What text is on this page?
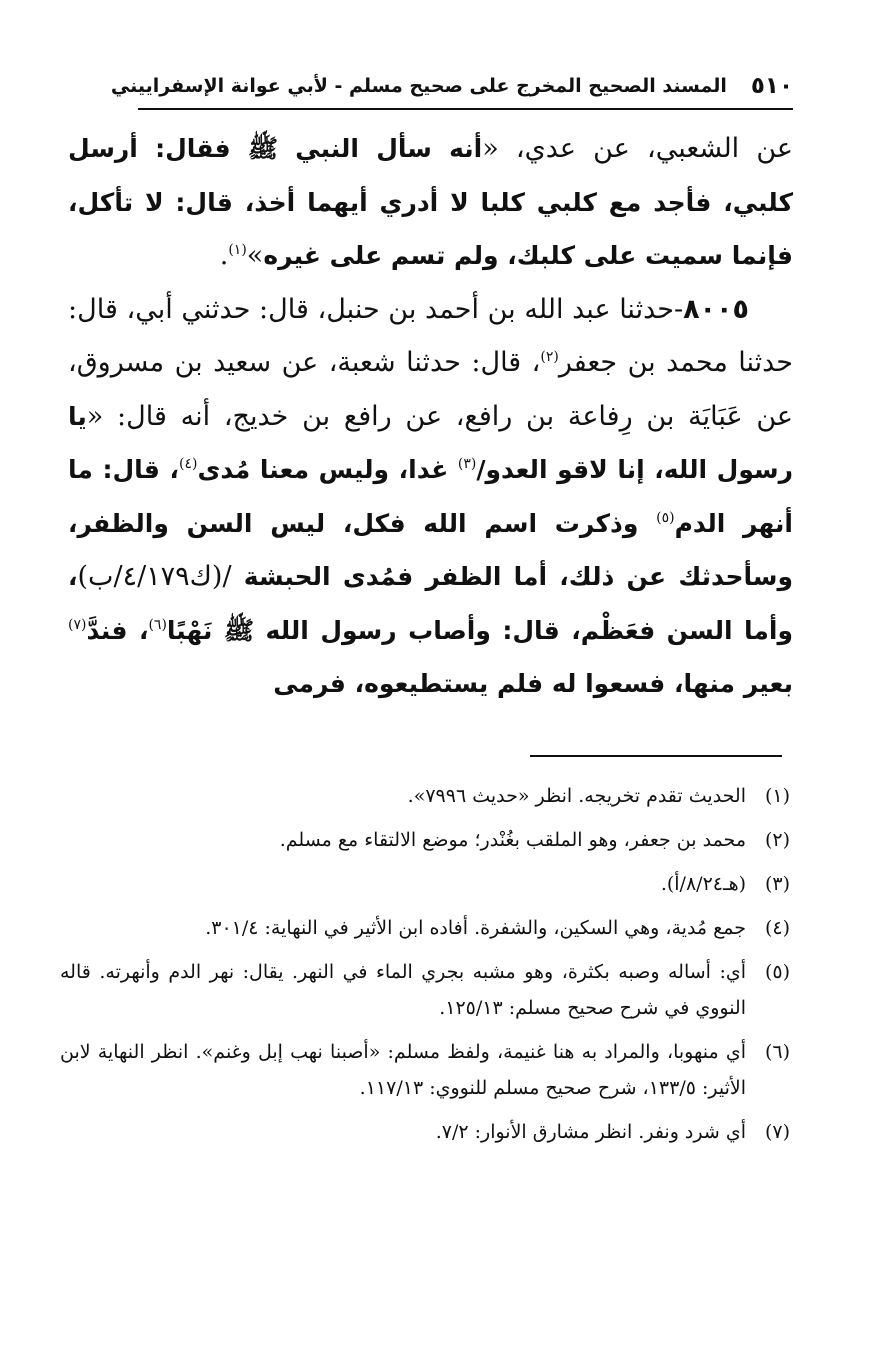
٥١٠
المسند الصحيح المخرج على صحيح مسلم - لأبي عوانة الإسفراييني

عن الشعبي، عن عدي، «أنه سأل النبي ﷺ فقال: أرسل كلبي، فأجد مع كلبي كلبا لا أدري أيهما أخذ، قال: لا تأكل، فإنما سميت على كلبك، ولم تسم على غيره»$^{(١)}$.

٨٠٠٥-حدثنا عبد الله بن أحمد بن حنبل، قال: حدثني أبي، قال: حدثنا محمد بن جعفر$^{(٢)}$، قال: حدثنا شعبة، عن سعيد بن مسروق، عن عَبَايَة بن رِفاعة بن رافع، عن رافع بن خديج، أنه قال: «يا رسول الله، إنا لاقو العدو/$^{(٣)}$ غدا، وليس معنا مُدى$^{(٤)}$، قال: ما أنهر الدم$^{(٥)}$ وذكرت اسم الله فكل، ليس السن والظفر، وسأحدثك عن ذلك، أما الظفر فمُدى الحبشة /(ك٤/١٧٩/ب)، وأما السن فعَظْم، قال: وأصاب رسول الله ﷺ نَهْبًا$^{(٦)}$، فندَّ$^{(٧)}$ بعير منها، فسعوا له فلم يستطيعوه، فرمى

(١)
الحديث تقدم تخريجه. انظر «حديث ٧٩٩٦».
(٢)
محمد بن جعفر، وهو الملقب بغُنْدر؛ موضع الالتقاء مع مسلم.
(٣)
(هـ٨/٢٤/أ).
(٤)
جمع مُدية، وهي السكين، والشفرة. أفاده ابن الأثير في النهاية: ٣٠١/٤.
(٥)
أي: أساله وصبه بكثرة، وهو مشبه بجري الماء في النهر. يقال: نهر الدم وأنهرته. قاله النووي في شرح صحيح مسلم: ١٢٥/١٣.
(٦)
أي منهوبا، والمراد به هنا غنيمة، ولفظ مسلم: «أصبنا نهب إبل وغنم». انظر النهاية لابن الأثير: ١٣٣/٥، شرح صحيح مسلم للنووي: ١١٧/١٣.
(٧)
أي شرد ونفر. انظر مشارق الأنوار: ٧/٢.
